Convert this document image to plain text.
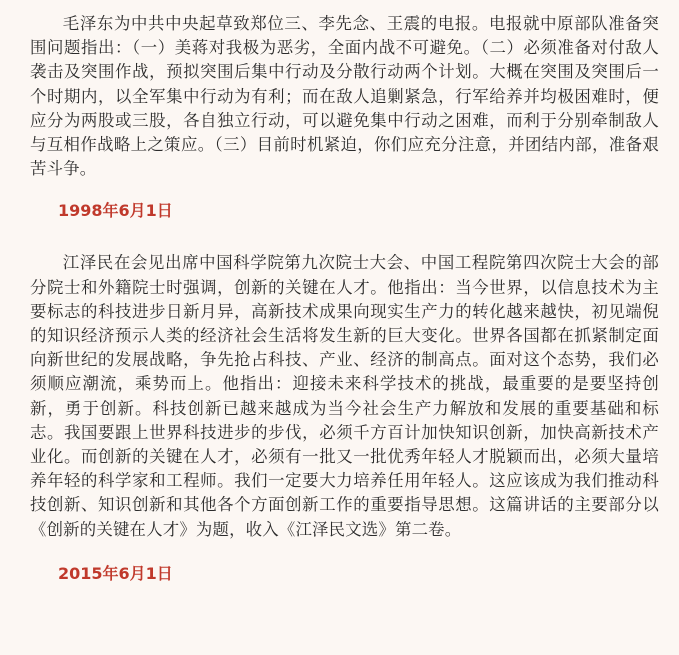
毛泽东为中共中央起草致郑位三、李先念、王震的电报。电报就中原部队准备突围问题指出：（一）美蒋对我极为恶劣，全面内战不可避免。（二）必须准备对付敌人袭击及突围作战，预拟突围后集中行动及分散行动两个计划。大概在突围及突围后一个时期内，以全军集中行动为有利；而在敌人追剿紧急，行军给养并均极困难时，便应分为两股或三股，各自独立行动，可以避免集中行动之困难，而利于分别牵制敌人与互相作战略上之策应。（三）目前时机紧迫，你们应充分注意，并团结内部，准备艰苦斗争。

1998年6月1日

江泽民在会见出席中国科学院第九次院士大会、中国工程院第四次院士大会的部分院士和外籍院士时强调，创新的关键在人才。他指出：当今世界，以信息技术为主要标志的科技进步日新月异，高新技术成果向现实生产力的转化越来越快，初见端倪的知识经济预示人类的经济社会生活将发生新的巨大变化。世界各国都在抓紧制定面向新世纪的发展战略，争先抢占科技、产业、经济的制高点。面对这个态势，我们必须顺应潮流，乘势而上。他指出：迎接未来科学技术的挑战，最重要的是要坚持创新，勇于创新。科技创新已越来越成为当今社会生产力解放和发展的重要基础和标志。我国要跟上世界科技进步的步伐，必须千方百计加快知识创新，加快高新技术产业化。而创新的关键在人才，必须有一批又一批优秀年轻人才脱颖而出，必须大量培养年轻的科学家和工程师。我们一定要大力培养任用年轻人。这应该成为我们推动科技创新、知识创新和其他各个方面创新工作的重要指导思想。这篇讲话的主要部分以《创新的关键在人才》为题，收入《江泽民文选》第二卷。

2015年6月1日
